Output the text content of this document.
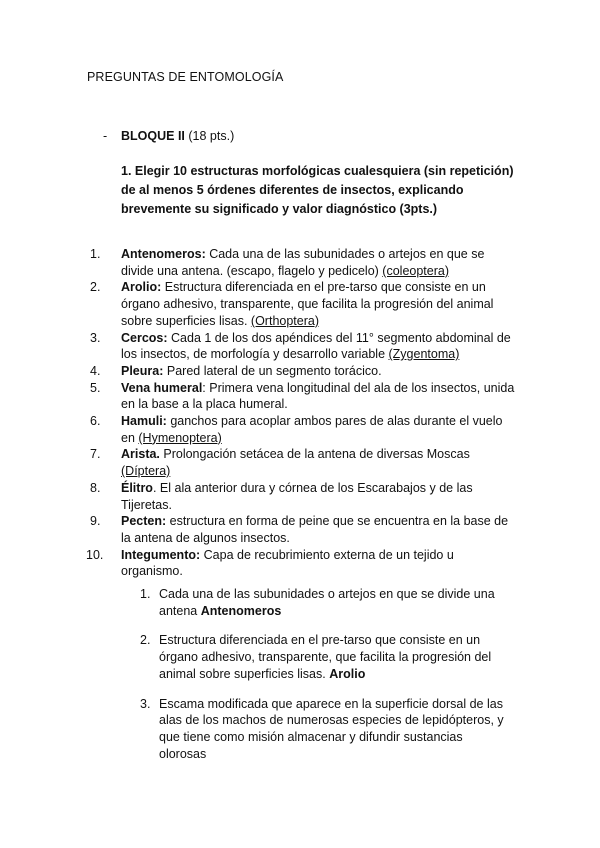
PREGUNTAS DE ENTOMOLOGÍA
- BLOQUE II (18 pts.)
1. Elegir 10 estructuras morfológicas cualesquiera (sin repetición) de al menos 5 órdenes diferentes de insectos, explicando brevemente su significado y valor diagnóstico (3pts.)
1.	Antenomeros: Cada una de las subunidades o artejos en que se divide una antena. (escapo, flagelo y pedicelo) (coleoptera)
2.	Arolio: Estructura diferenciada en el pre-tarso que consiste en un órgano adhesivo, transparente, que facilita la progresión del animal sobre superficies lisas. (Orthoptera)
3.	Cercos: Cada 1 de los dos apéndices del 11° segmento abdominal de los insectos, de morfología y desarrollo variable (Zygentoma)
4.	Pleura: Pared lateral de un segmento torácico.
5.	Vena humeral: Primera vena longitudinal del ala de los insectos, unida en la base a la placa humeral.
6.	Hamuli: ganchos para acoplar ambos pares de alas durante el vuelo en (Hymenoptera)
7.	Arista. Prolongación setácea de la antena de diversas Moscas (Díptera)
8.	Élitro. El ala anterior dura y córnea de los Escarabajos y de las Tijeretas.
9.	Pecten: estructura en forma de peine que se encuentra en la base de la antena de algunos insectos.
10.	Integumento: Capa de recubrimiento externa de un tejido u organismo.
1. Cada una de las subunidades o artejos en que se divide una antena Antenomeros
2. Estructura diferenciada en el pre-tarso que consiste en un órgano adhesivo, transparente, que facilita la progresión del animal sobre superficies lisas. Arolio
3. Escama modificada que aparece en la superficie dorsal de las alas de los machos de numerosas especies de lepidópteros, y que tiene como misión almacenar y difundir sustancias olorosas
